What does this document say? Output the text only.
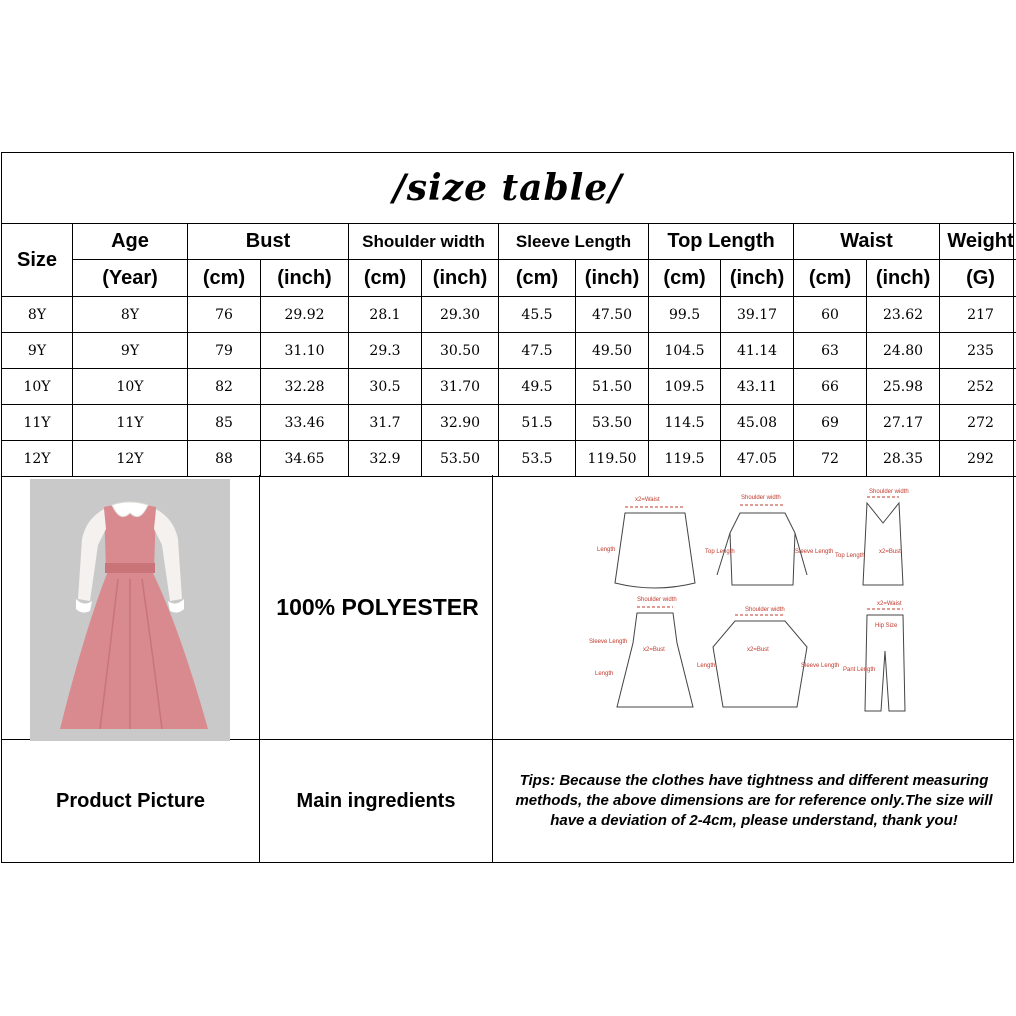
/size table/
Size	Age	Bust		Shoulder width		Sleeve Length		Top Length		Waist		Weight
	(Year)	(cm)	(inch)	(cm)	(inch)	(cm)	(inch)	(cm)	(inch)	(cm)	(inch)	(G)
8Y	8Y	76	29.92	28.1	29.30	45.5	47.50	99.5	39.17	60	23.62	217
9Y	9Y	79	31.10	29.3	30.50	47.5	49.50	104.5	41.14	63	24.80	235
10Y	10Y	82	32.28	30.5	31.70	49.5	51.50	109.5	43.11	66	25.98	252
11Y	11Y	85	33.46	31.7	32.90	51.5	53.50	114.5	45.08	69	27.17	272
12Y	12Y	88	34.65	32.9	53.50	53.5	119.50	119.5	47.05	72	28.35	292
100% POLYESTER
x2=Waist	Shoulder width
Shoulder width
Length	Top Length	Sleeve Length
Top Length
x2=Bust
Shoulder width
Shoulder width
x2=Waist
Sleeve Length
x2=Bust	x2=Bust
Hip Size
Length
Length	Sleeve Length
Pant Length
Product Picture	Main ingredients
Tips: Because the clothes have tightness and different measuring methods, the above dimensions are for reference only.The size will have a deviation of 2-4cm, please understand, thank you!
